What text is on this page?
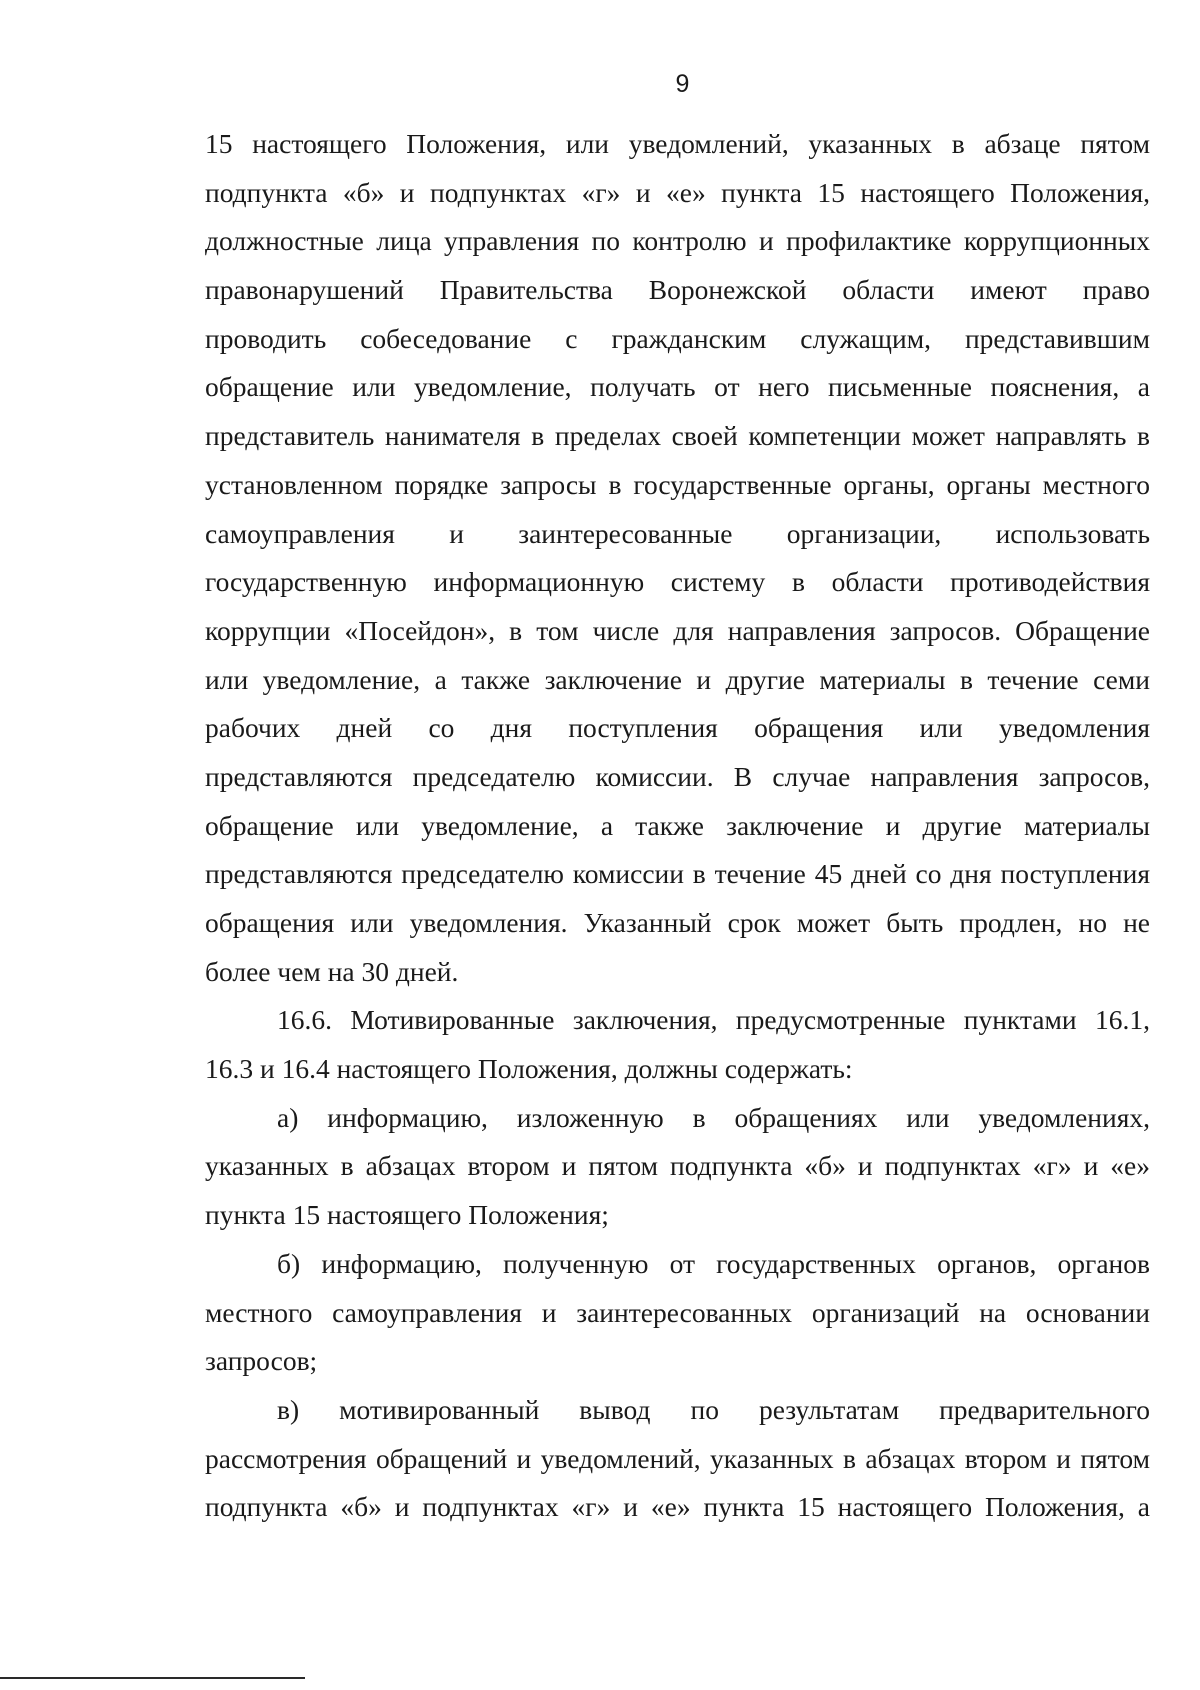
9
15 настоящего Положения, или уведомлений, указанных в абзаце пятом
подпункта «б» и подпунктах «г» и «е» пункта 15 настоящего Положения,
должностные лица управления по контролю и профилактике коррупционных
правонарушений Правительства Воронежской области имеют право
проводить собеседование с гражданским служащим, представившим
обращение или уведомление, получать от него письменные пояснения, а
представитель нанимателя в пределах своей компетенции может направлять в
установленном порядке запросы в государственные органы, органы местного
самоуправления и заинтересованные организации, использовать
государственную информационную систему в области противодействия
коррупции «Посейдон», в том числе для направления запросов. Обращение
или уведомление, а также заключение и другие материалы в течение семи
рабочих дней со дня поступления обращения или уведомления
представляются председателю комиссии. В случае направления запросов,
обращение или уведомление, а также заключение и другие материалы
представляются председателю комиссии в течение 45 дней со дня поступления
обращения или уведомления. Указанный срок может быть продлен, но не
более чем на 30 дней.
16.6. Мотивированные заключения, предусмотренные пунктами 16.1,
16.3 и 16.4 настоящего Положения, должны содержать:
а) информацию, изложенную в обращениях или уведомлениях,
указанных в абзацах втором и пятом подпункта «б» и подпунктах «г» и «е»
пункта 15 настоящего Положения;
б) информацию, полученную от государственных органов, органов
местного самоуправления и заинтересованных организаций на основании
запросов;
в) мотивированный вывод по результатам предварительного
рассмотрения обращений и уведомлений, указанных в абзацах втором и пятом
подпункта «б» и подпунктах «г» и «е» пункта 15 настоящего Положения, а
